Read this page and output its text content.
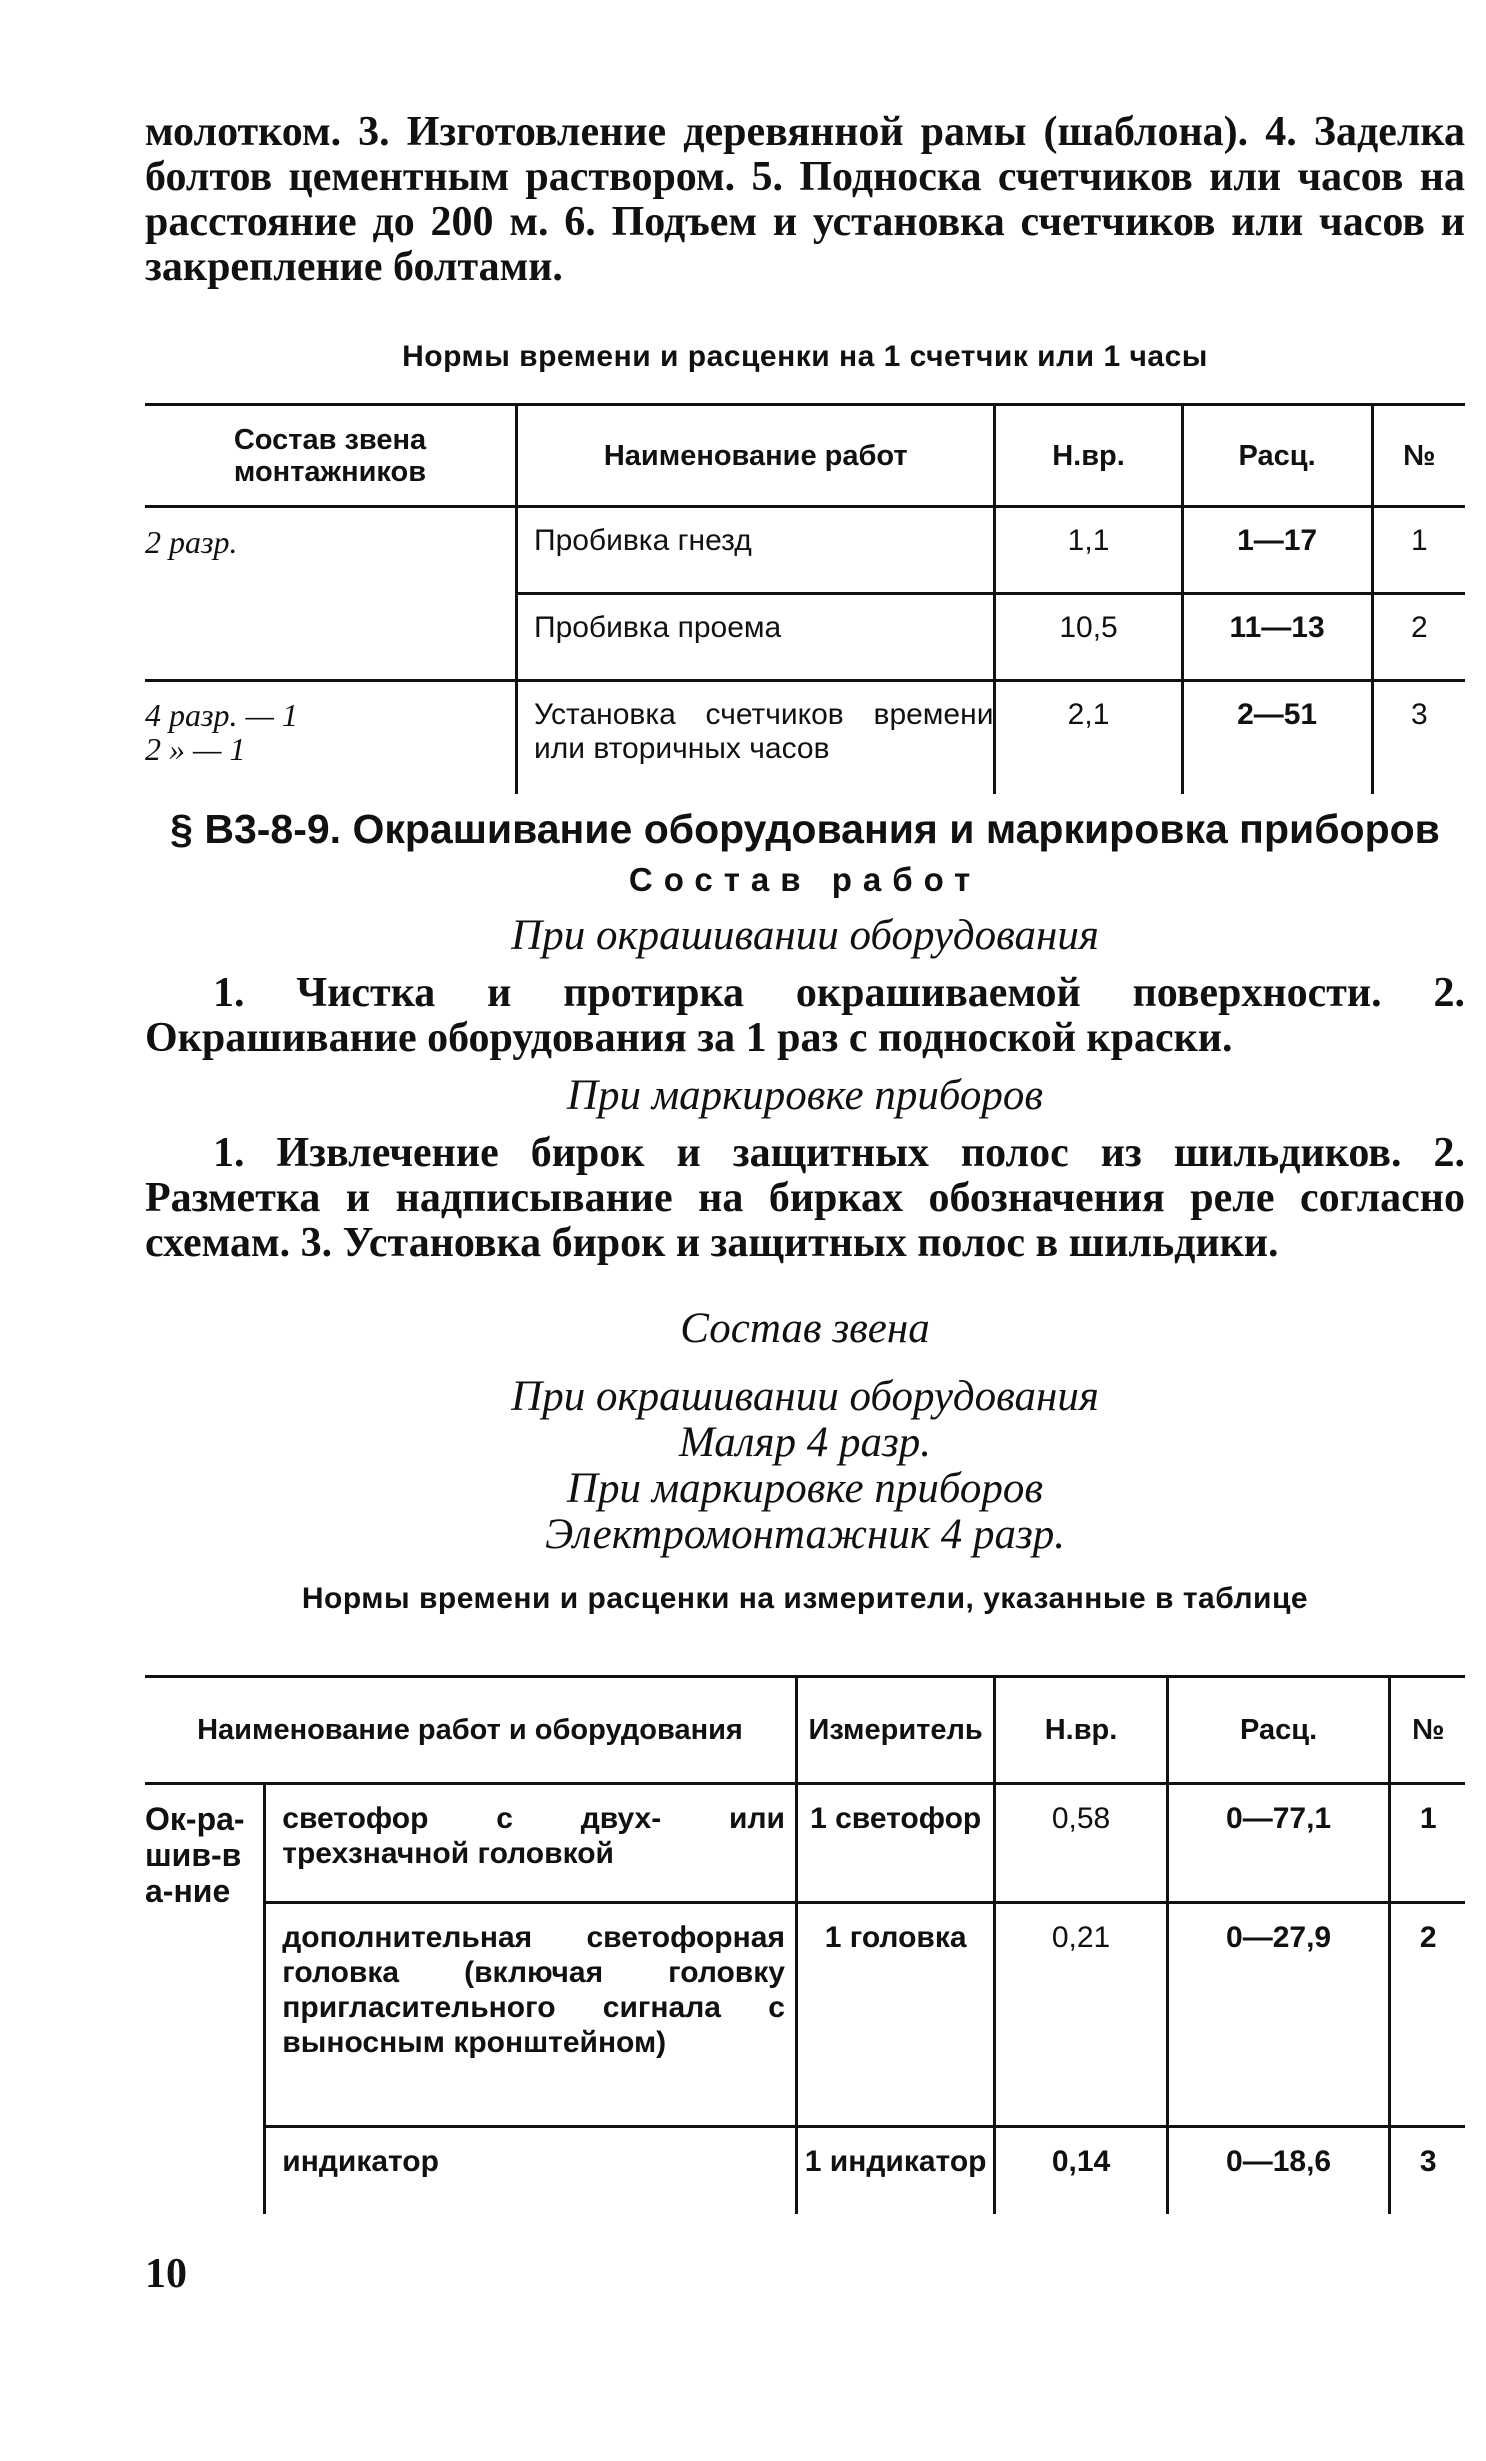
молотком. 3. Изготовление деревянной рамы (шаблона). 4. Заделка болтов цементным раствором. 5. Подноска счетчиков или часов на расстояние до 200 м. 6. Подъем и установка счетчиков или часов и закрепление болтами.

Нормы времени и расценки на 1 счетчик или 1 часы
Состав звена монтажников	Наименование работ	Н.вр.	Расц.	№
2 разр.	Пробивка гнезд	1,1	1—17	1
	Пробивка проема	10,5	11—13	2

4 разр. — 1
2 » — 1	Установка счетчиков времени или вторичных часов	2,1	2—51	3

§ В3-8-9. Окрашивание оборудования и маркировка приборов

Состав работ

При окрашивании оборудования

1. Чистка и протирка окрашиваемой поверхности. 2. Окрашивание оборудования за 1 раз с подноской краски.

При маркировке приборов

1. Извлечение бирок и защитных полос из шильдиков. 2. Разметка и надписывание на бирках обозначения реле согласно схемам. 3. Установка бирок и защитных полос в шильдики.

Состав звена

При окрашивании оборудования

Маляр 4 разр.

При маркировке приборов

Электромонтажник 4 разр.

Нормы времени и расценки на измерители, указанные в таблице
Наименование работ и оборудования		Измеритель	Н.вр.	Расц.	№
Ок-ра-шив-ва-ние	светофор с двух- или трехзначной головкой	1 светофор	0,58	0—77,1	1
	дополнительная светофорная головка (включая головку пригласительного сигнала с выносным кронштейном)	1 головка	0,21	0—27,9	2
	индикатор	1 индикатор	0,14	0—18,6	3
10
